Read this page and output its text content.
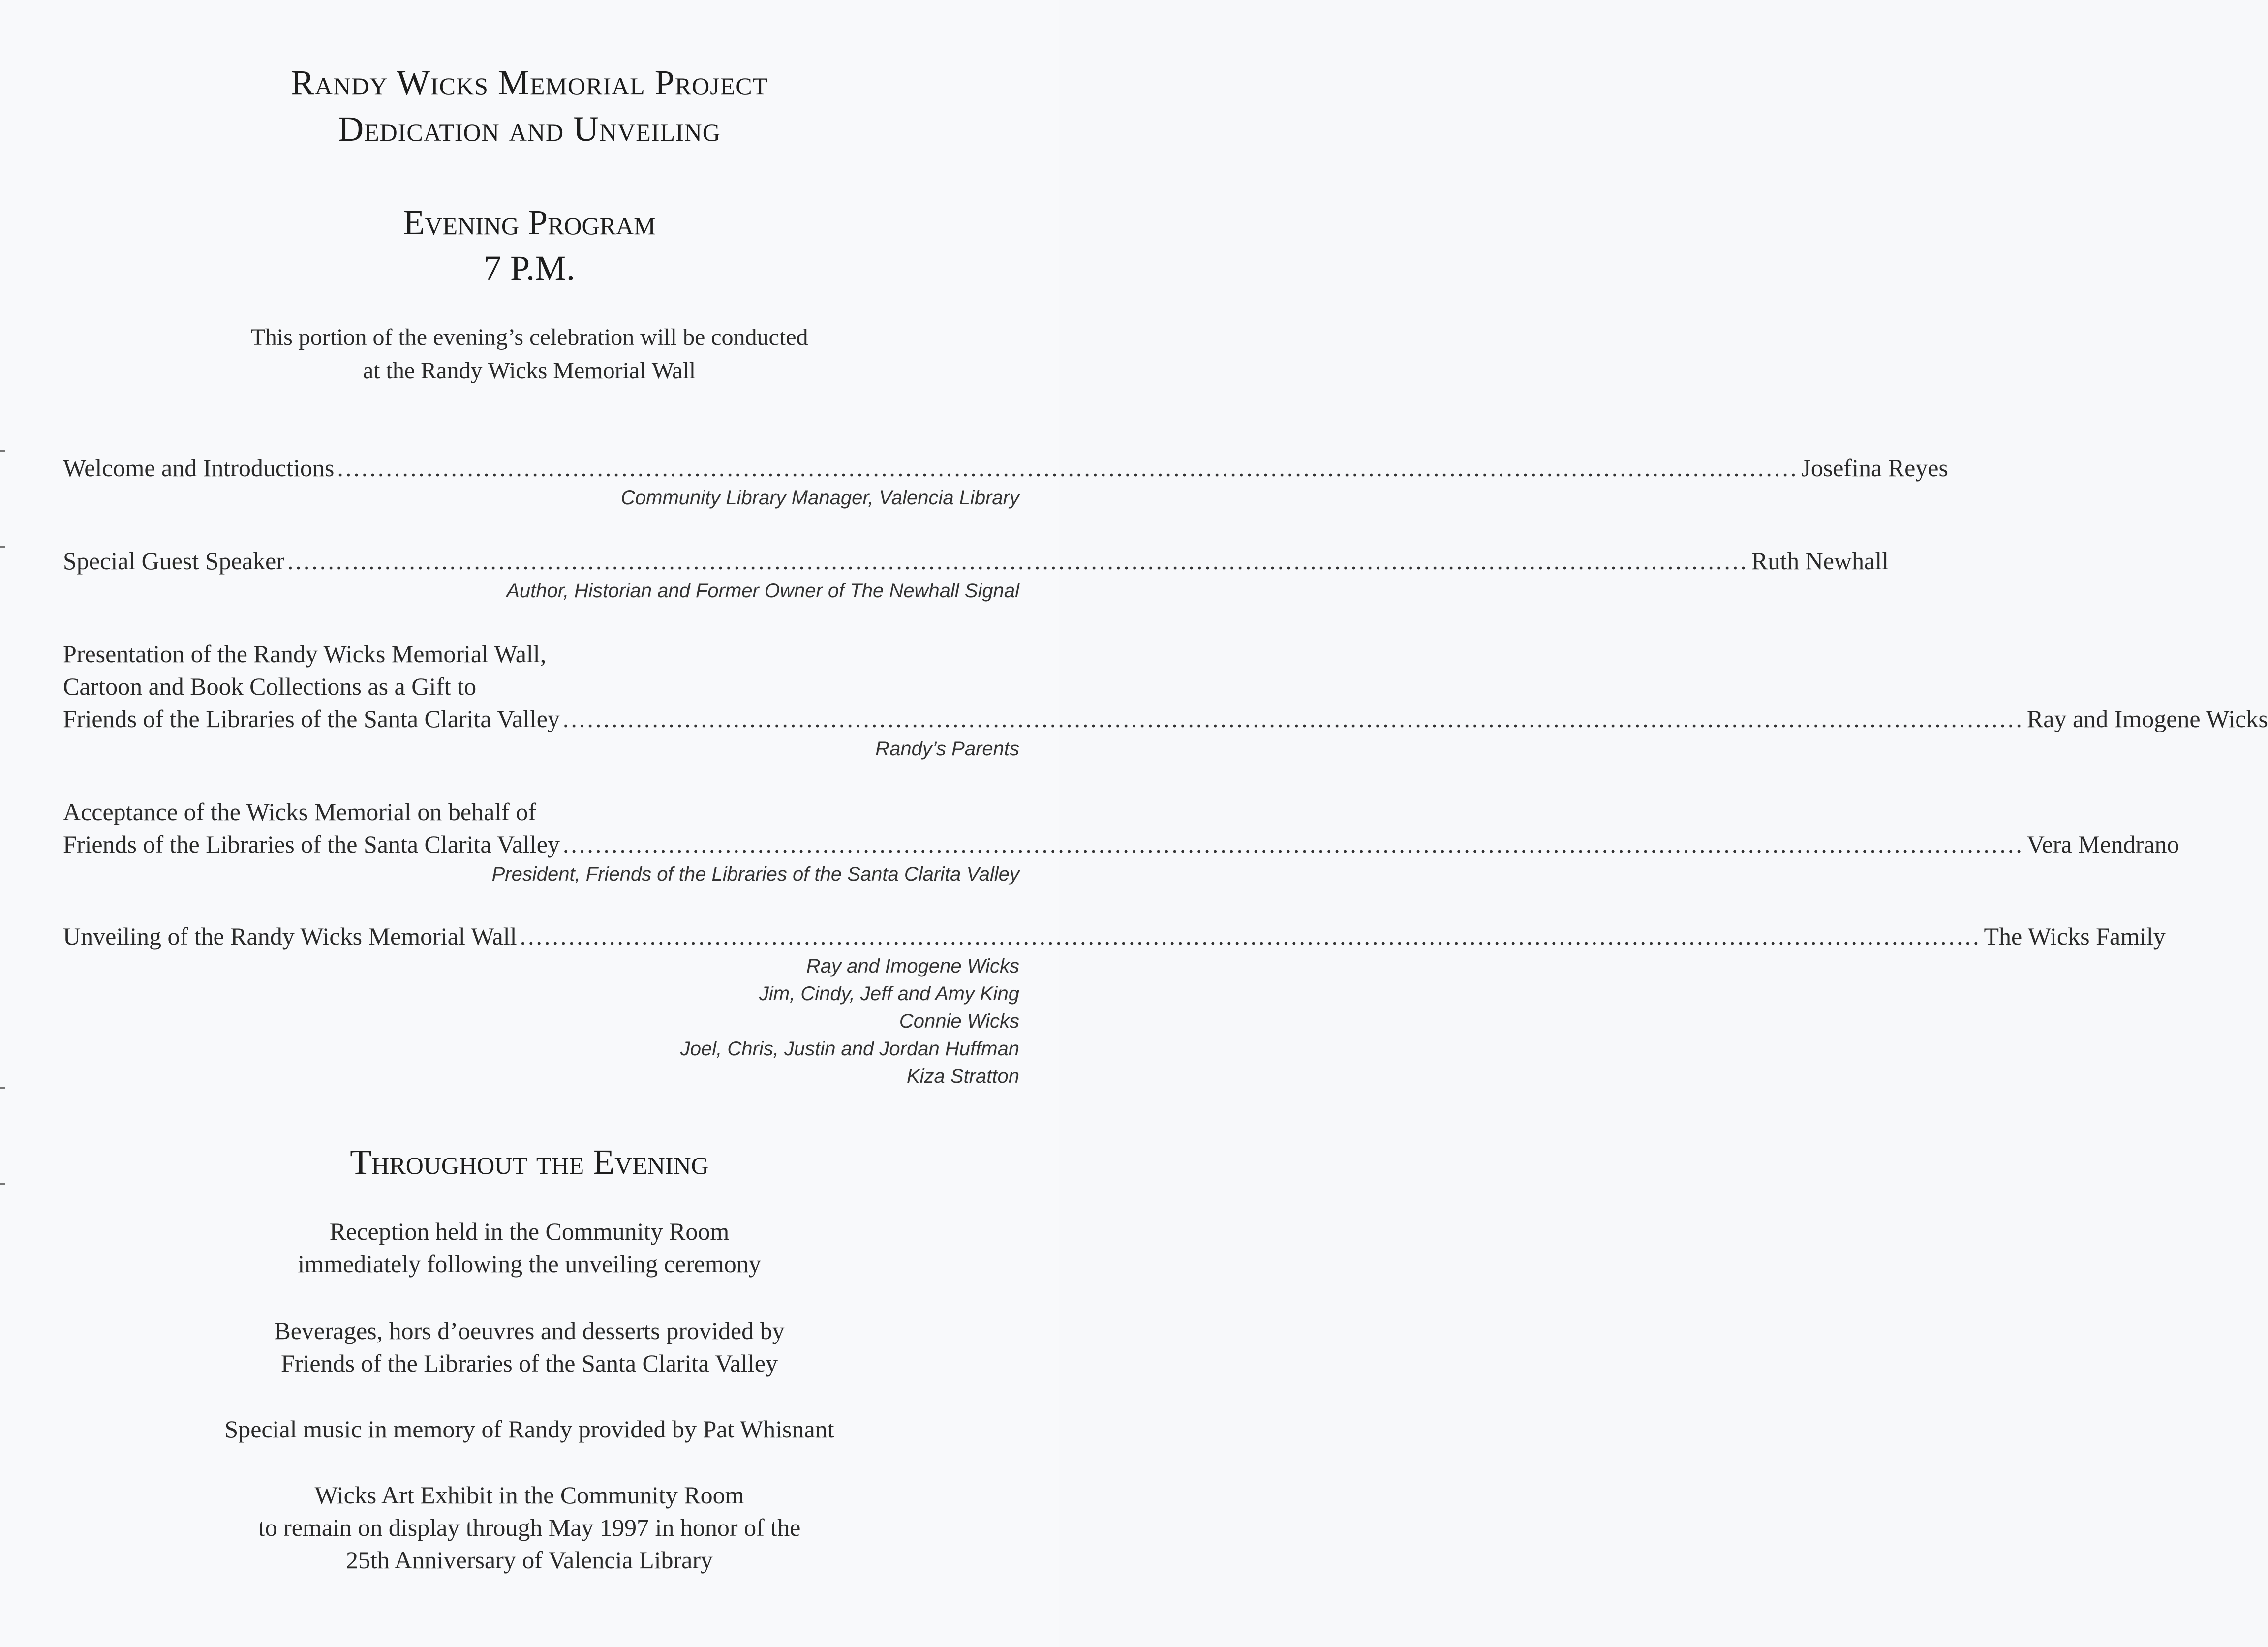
Randy Wicks Memorial Project
Dedication and Unveiling
Evening Program
7 P.M.
This portion of the evening’s celebration will be conducted
at the Randy Wicks Memorial Wall
Welcome and Introductions .................................................................................................................................................................................... Josefina Reyes
Community Library Manager, Valencia Library
Special Guest Speaker .................................................................................................................................................................................... Ruth Newhall
Author, Historian and Former Owner of The Newhall Signal
Presentation of the Randy Wicks Memorial Wall,
Cartoon and Book Collections as a Gift to
Friends of the Libraries of the Santa Clarita Valley .................................................................................................................................................................................... Ray and Imogene Wicks
Randy’s Parents
Acceptance of the Wicks Memorial on behalf of
Friends of the Libraries of the Santa Clarita Valley .................................................................................................................................................................................... Vera Mendrano
President, Friends of the Libraries of the Santa Clarita Valley
Unveiling of the Randy Wicks Memorial Wall .................................................................................................................................................................................... The Wicks Family
Ray and Imogene Wicks
Jim, Cindy, Jeff and Amy King
Connie Wicks
Joel, Chris, Justin and Jordan Huffman
Kiza Stratton
Throughout the Evening
Reception held in the Community Room
immediately following the unveiling ceremony
Beverages, hors d’oeuvres and desserts provided by
Friends of the Libraries of the Santa Clarita Valley
Special music in memory of Randy provided by Pat Whisnant
Wicks Art Exhibit in the Community Room
to remain on display through May 1997 in honor of the
25th Anniversary of Valencia Library
